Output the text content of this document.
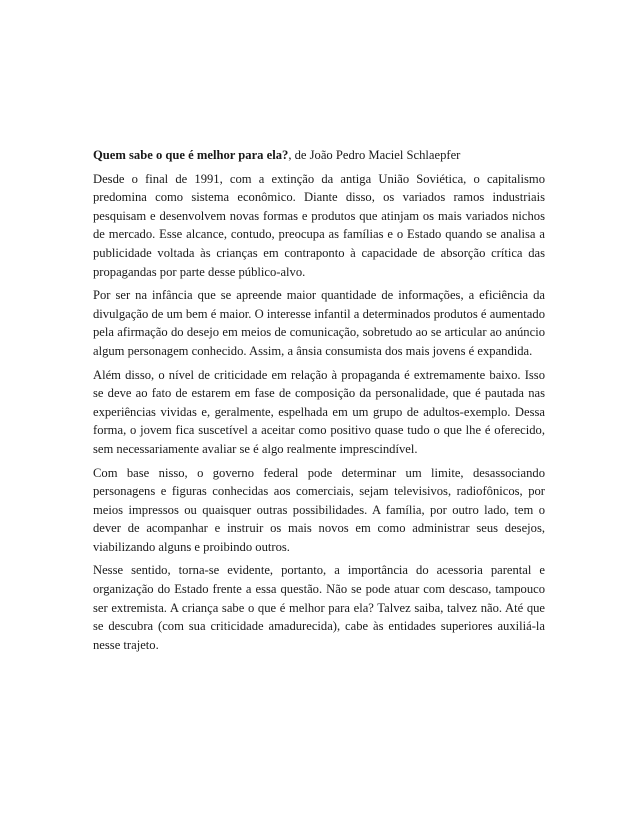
Quem sabe o que é melhor para ela?, de João Pedro Maciel Schlaepfer

Desde o final de 1991, com a extinção da antiga União Soviética, o capitalismo predomina como sistema econômico. Diante disso, os variados ramos industriais pesquisam e desenvolvem novas formas e produtos que atinjam os mais variados nichos de mercado. Esse alcance, contudo, preocupa as famílias e o Estado quando se analisa a publicidade voltada às crianças em contraponto à capacidade de absorção crítica das propagandas por parte desse público-alvo.

Por ser na infância que se apreende maior quantidade de informações, a eficiência da divulgação de um bem é maior. O interesse infantil a determinados produtos é aumentado pela afirmação do desejo em meios de comunicação, sobretudo ao se articular ao anúncio algum personagem conhecido. Assim, a ânsia consumista dos mais jovens é expandida.

Além disso, o nível de criticidade em relação à propaganda é extremamente baixo. Isso se deve ao fato de estarem em fase de composição da personalidade, que é pautada nas experiências vividas e, geralmente, espelhada em um grupo de adultos-exemplo. Dessa forma, o jovem fica suscetível a aceitar como positivo quase tudo o que lhe é oferecido, sem necessariamente avaliar se é algo realmente imprescindível.

Com base nisso, o governo federal pode determinar um limite, desassociando personagens e figuras conhecidas aos comerciais, sejam televisivos, radiofônicos, por meios impressos ou quaisquer outras possibilidades. A família, por outro lado, tem o dever de acompanhar e instruir os mais novos em como administrar seus desejos, viabilizando alguns e proibindo outros.

Nesse sentido, torna-se evidente, portanto, a importância do acessoria parental e organização do Estado frente a essa questão. Não se pode atuar com descaso, tampouco ser extremista. A criança sabe o que é melhor para ela? Talvez saiba, talvez não. Até que se descubra (com sua criticidade amadurecida), cabe às entidades superiores auxiliá-la nesse trajeto.
